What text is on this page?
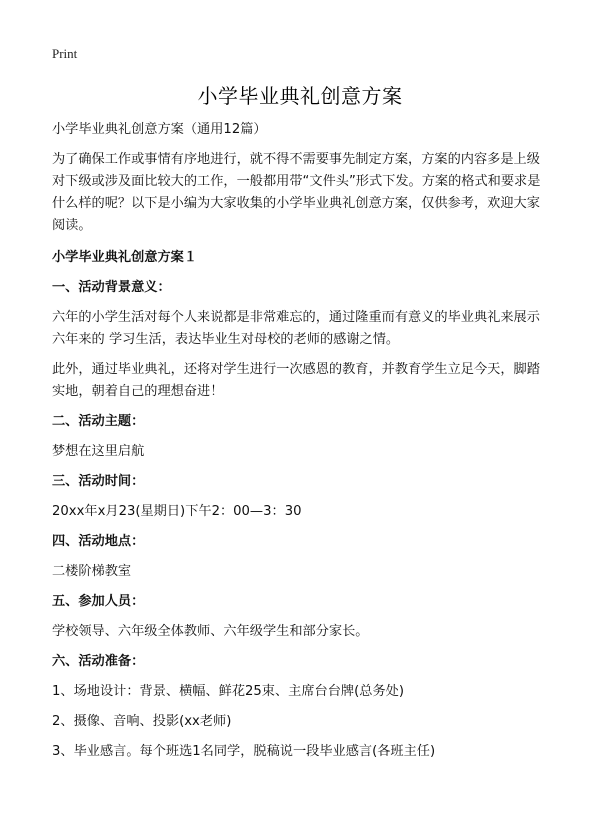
Print
小学毕业典礼创意方案

小学毕业典礼创意方案（通用12篇）

为了确保工作或事情有序地进行，就不得不需要事先制定方案，方案的内容多是上级对下级或涉及面比较大的工作，一般都用带“文件头”形式下发。方案的格式和要求是什么样的呢？以下是小编为大家收集的小学毕业典礼创意方案，仅供参考，欢迎大家阅读。

小学毕业典礼创意方案１

一、活动背景意义：

六年的小学生活对每个人来说都是非常难忘的，通过隆重而有意义的毕业典礼来展示六年来的 学习生活，表达毕业生对母校的老师的感谢之情。

此外，通过毕业典礼，还将对学生进行一次感恩的教育，并教育学生立足今天，脚踏实地，朝着自己的理想奋进！

二、活动主题：

梦想在这里启航

三、活动时间：

20xx年x月23(星期日)下午2：00—3：30

四、活动地点：

二楼阶梯教室

五、参加人员：

学校领导、六年级全体教师、六年级学生和部分家长。

六、活动准备：

1、场地设计：背景、横幅、鲜花25束、主席台台牌(总务处)

2、摄像、音响、投影(xx老师)

3、毕业感言。每个班选1名同学，脱稿说一段毕业感言(各班主任)
